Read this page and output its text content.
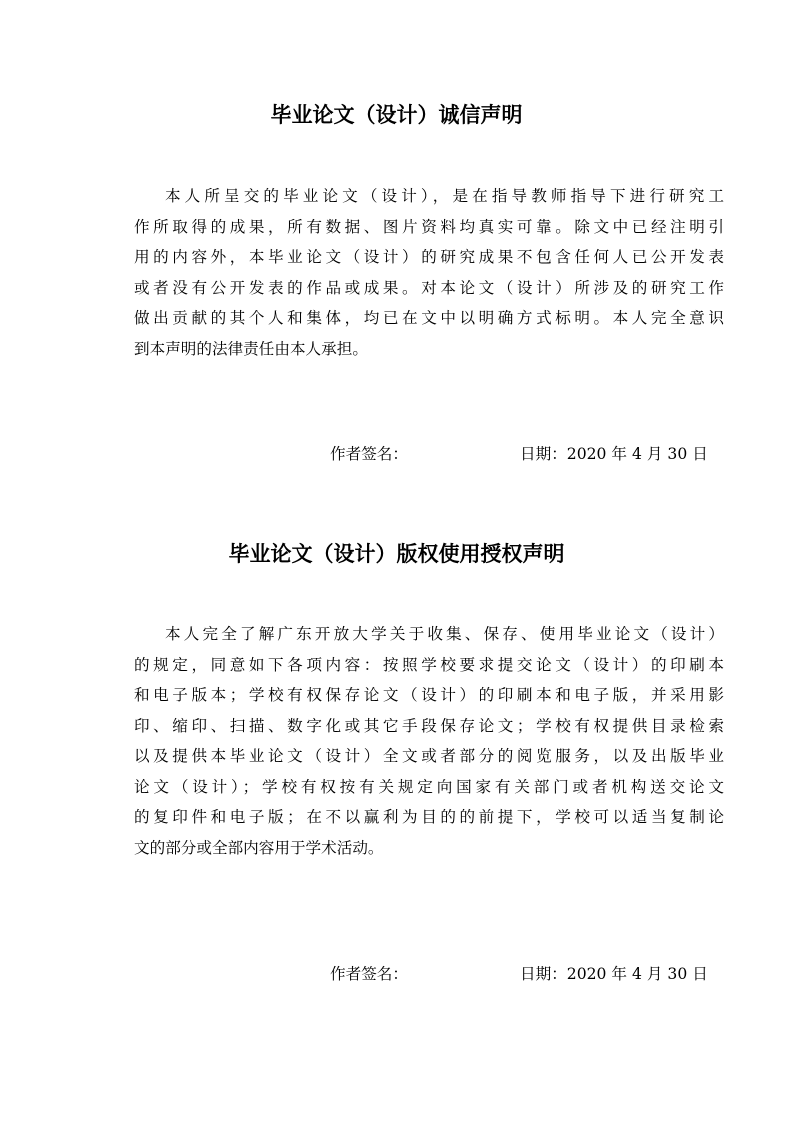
毕业论文（设计）诚信声明
本人所呈交的毕业论文（设计），是在指导教师指导下进行研究工
作所取得的成果，所有数据、图片资料均真实可靠。除文中已经注明引
用的内容外，本毕业论文（设计）的研究成果不包含任何人已公开发表
或者没有公开发表的作品或成果。对本论文（设计）所涉及的研究工作
做出贡献的其个人和集体，均已在文中以明确方式标明。本人完全意识
到本声明的法律责任由本人承担。
作者签名：	日期：2020 年 4 月 30 日
毕业论文（设计）版权使用授权声明
本人完全了解广东开放大学关于收集、保存、使用毕业论文（设计）
的规定，同意如下各项内容：按照学校要求提交论文（设计）的印刷本
和电子版本；学校有权保存论文（设计）的印刷本和电子版，并采用影
印、缩印、扫描、数字化或其它手段保存论文；学校有权提供目录检索
以及提供本毕业论文（设计）全文或者部分的阅览服务，以及出版毕业
论文（设计）；学校有权按有关规定向国家有关部门或者机构送交论文
的复印件和电子版；在不以赢利为目的的前提下，学校可以适当复制论
文的部分或全部内容用于学术活动。
作者签名：	日期：2020 年 4 月 30 日
